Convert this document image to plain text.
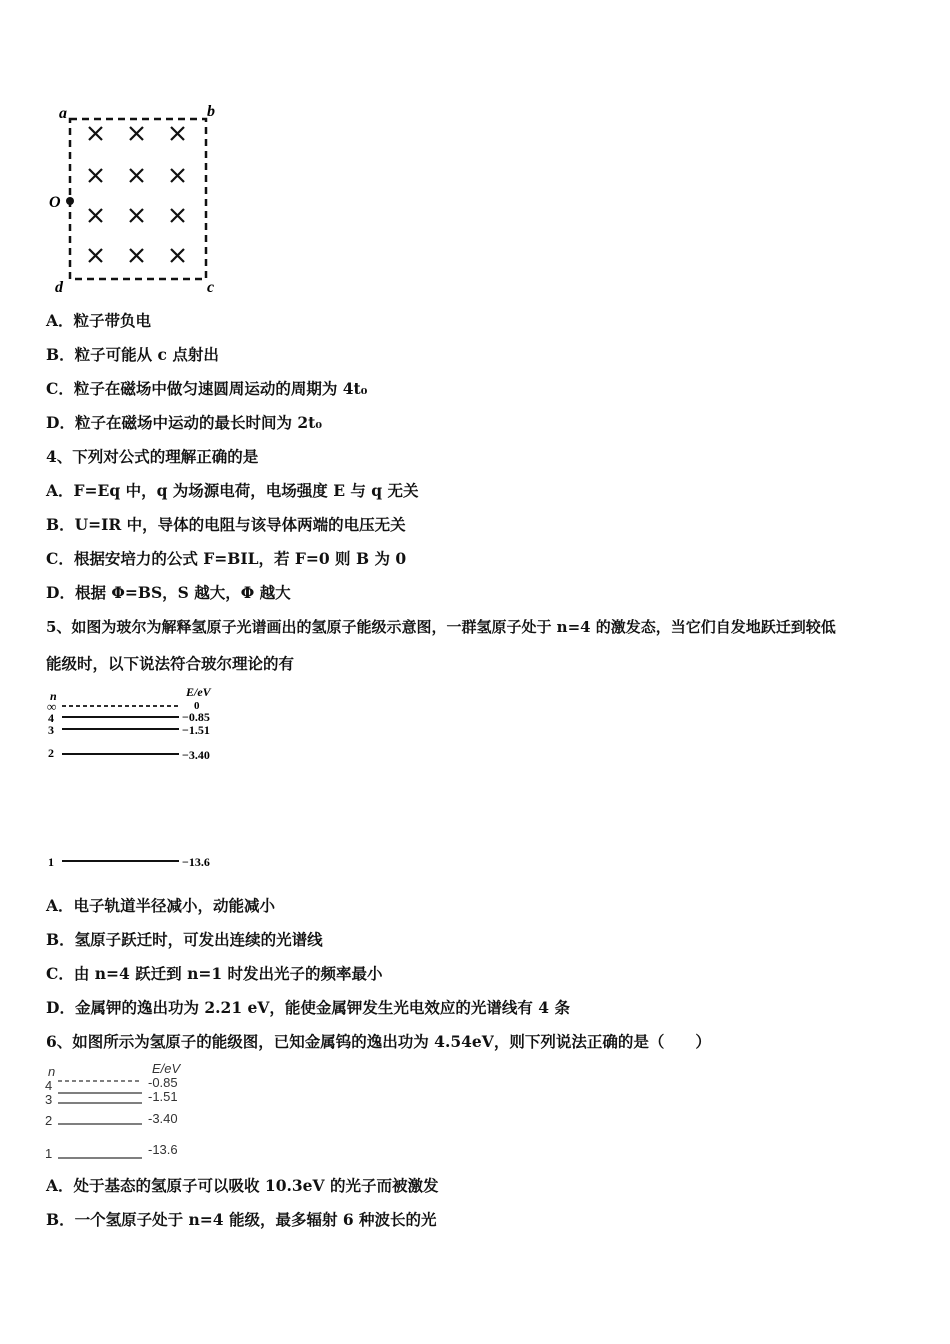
a	b
c
d
O
A．粒子带负电
B．粒子可能从 c 点射出
C．粒子在磁场中做匀速圆周运动的周期为 4t₀
D．粒子在磁场中运动的最长时间为 2t₀
4、下列对公式的理解正确的是
A．F=Eq 中，q 为场源电荷，电场强度 E 与 q 无关
B．U=IR 中，导体的电阻与该导体两端的电压无关
C．根据安培力的公式 F=BIL，若 F=0 则 B 为 0
D．根据 Φ=BS，S 越大，Φ 越大
5、如图为玻尔为解释氢原子光谱画出的氢原子能级示意图，一群氢原子处于 n=4 的激发态，当它们自发地跃迁到较低
能级时，以下说法符合玻尔理论的有
n	E/eV
∞	0
4	−0.85
3	−1.51
2	−3.40
1	−13.6
A．电子轨道半径减小，动能减小
B．氢原子跃迁时，可发出连续的光谱线
C．由 n=4 跃迁到 n=1 时发出光子的频率最小
D．金属钾的逸出功为 2.21 eV，能使金属钾发生光电效应的光谱线有 4 条
6、如图所示为氢原子的能级图，已知金属钨的逸出功为 4.54eV，则下列说法正确的是（　　）
n	E/eV
4	-0.85
3	-1.51
2	-3.40
1	-13.6
A．处于基态的氢原子可以吸收 10.3eV 的光子而被激发
B．一个氢原子处于 n=4 能级，最多辐射 6 种波长的光
